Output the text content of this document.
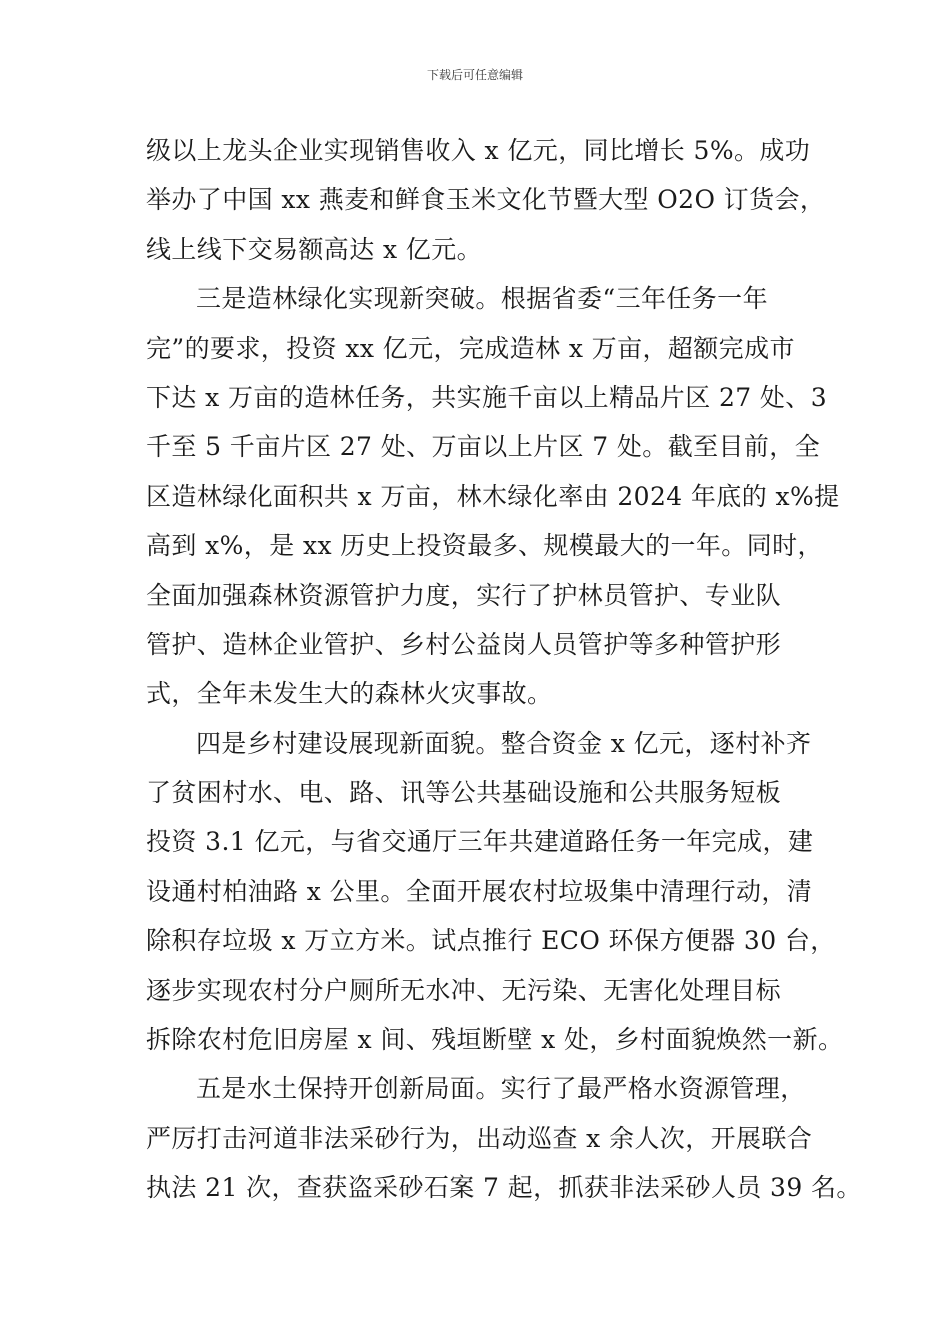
下载后可任意编辑

级以上龙头企业实现销售收入 x 亿元，同比增长 5%。成功
举办了中国 xx 燕麦和鲜食玉米文化节暨大型 O2O 订货会，
线上线下交易额高达 x 亿元。

三是造林绿化实现新突破。根据省委“三年任务一年
完”的要求，投资 xx 亿元，完成造林 x 万亩，超额完成市
下达 x 万亩的造林任务，共实施千亩以上精品片区 27 处、3
千至 5 千亩片区 27 处、万亩以上片区 7 处。截至目前，全
区造林绿化面积共 x 万亩，林木绿化率由 2024 年底的 x%提
高到 x%，是 xx 历史上投资最多、规模最大的一年。同时，
全面加强森林资源管护力度，实行了护林员管护、专业队
管护、造林企业管护、乡村公益岗人员管护等多种管护形
式，全年未发生大的森林火灾事故。

四是乡村建设展现新面貌。整合资金 x 亿元，逐村补齐
了贫困村水、电、路、讯等公共基础设施和公共服务短板
投资 3.1 亿元，与省交通厅三年共建道路任务一年完成，建
设通村柏油路 x 公里。全面开展农村垃圾集中清理行动，清
除积存垃圾 x 万立方米。试点推行 ECO 环保方便器 30 台，
逐步实现农村分户厕所无水冲、无污染、无害化处理目标
拆除农村危旧房屋 x 间、残垣断壁 x 处，乡村面貌焕然一新。

五是水土保持开创新局面。实行了最严格水资源管理，
严厉打击河道非法采砂行为，出动巡查 x 余人次，开展联合
执法 21 次，查获盗采砂石案 7 起，抓获非法采砂人员 39 名。
